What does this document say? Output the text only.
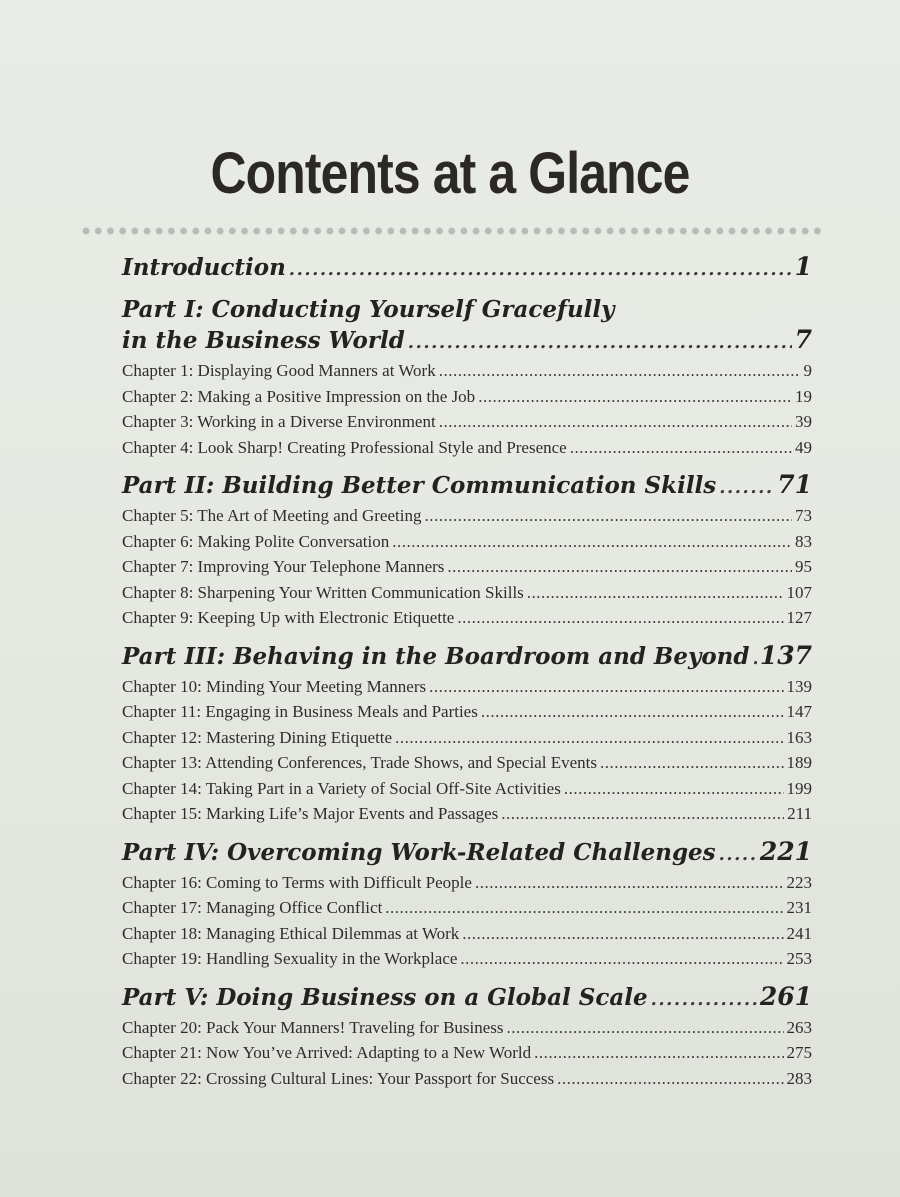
Contents at a Glance
Introduction .....	1
Part I: Conducting Yourself Gracefully
in the Business World .....	7
Chapter 1: Displaying Good Manners at Work .....	9
Chapter 2: Making a Positive Impression on the Job .....	19
Chapter 3: Working in a Diverse Environment .....	39
Chapter 4: Look Sharp! Creating Professional Style and Presence .....	49
Part II: Building Better Communication Skills ..... 71
Chapter 5: The Art of Meeting and Greeting .....	73
Chapter 6: Making Polite Conversation .....	83
Chapter 7: Improving Your Telephone Manners .....	95
Chapter 8: Sharpening Your Written Communication Skills .....	107
Chapter 9: Keeping Up with Electronic Etiquette .....	127
Part III: Behaving in the Boardroom and Beyond ..... 137
Chapter 10: Minding Your Meeting Manners .....	139
Chapter 11: Engaging in Business Meals and Parties .....	147
Chapter 12: Mastering Dining Etiquette .....	163
Chapter 13: Attending Conferences, Trade Shows, and Special Events .....	189
Chapter 14: Taking Part in a Variety of Social Off-Site Activities .....	199
Chapter 15: Marking Life’s Major Events and Passages .....	211
Part IV: Overcoming Work-Related Challenges ..... 221
Chapter 16: Coming to Terms with Difficult People .....	223
Chapter 17: Managing Office Conflict .....	231
Chapter 18: Managing Ethical Dilemmas at Work .....	241
Chapter 19: Handling Sexuality in the Workplace .....	253
Part V: Doing Business on a Global Scale .....	261
Chapter 20: Pack Your Manners! Traveling for Business .....	263
Chapter 21: Now You’ve Arrived: Adapting to a New World .....	275
Chapter 22: Crossing Cultural Lines: Your Passport for Success .....	283
